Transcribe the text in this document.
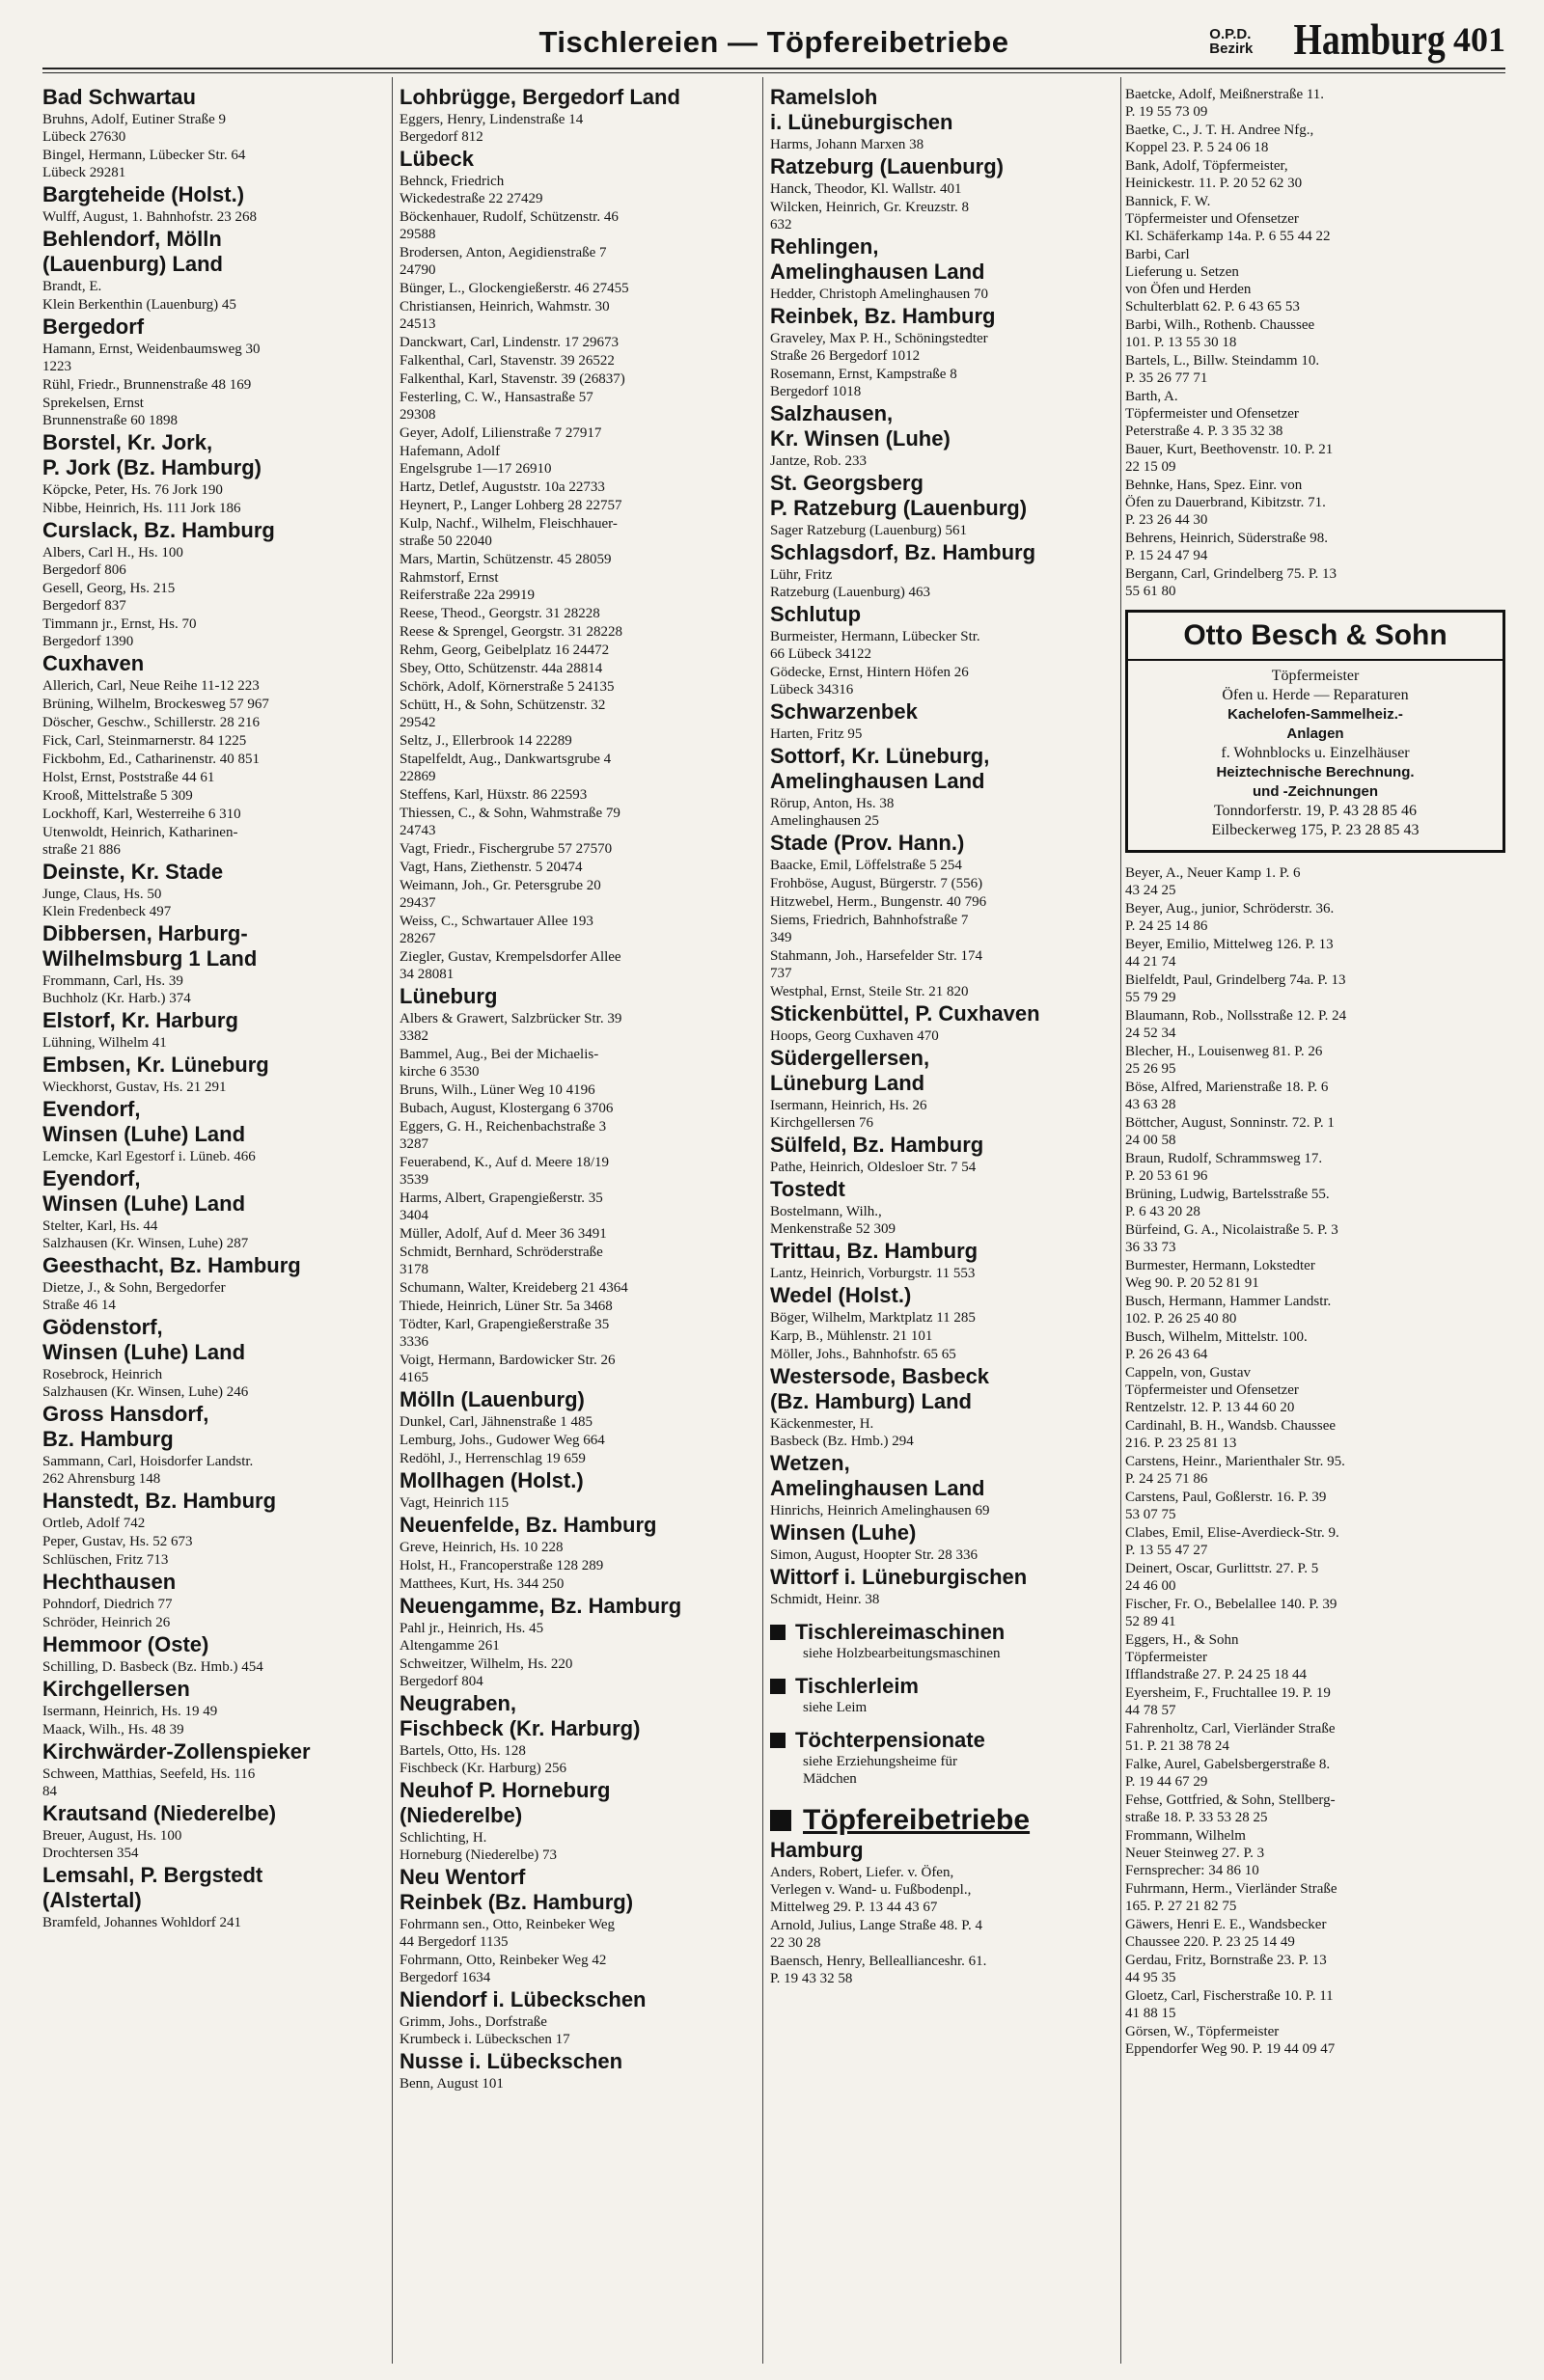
Tischlereien — Töpfereibetriebe	O.P.D.
Bezirk Hamburg 401
Bad Schwartau
Bruhns, Adolf, Eutiner Straße 9
Lübeck 27630
Bingel, Hermann, Lübecker Str. 64
Lübeck 29281
Bargteheide (Holst.)
Wulff, August, 1. Bahnhofstr. 23 268
Behlendorf, Mölln
(Lauenburg) Land
Brandt, E.
Klein Berkenthin (Lauenburg) 45
Bergedorf
Hamann, Ernst, Weidenbaumsweg 30
1223
Rühl, Friedr., Brunnenstraße 48 169
Sprekelsen, Ernst
Brunnenstraße 60 1898
Borstel, Kr. Jork,
P. Jork (Bz. Hamburg)
Köpcke, Peter, Hs. 76 Jork 190
Nibbe, Heinrich, Hs. 111 Jork 186
Curslack, Bz. Hamburg
Albers, Carl H., Hs. 100
Bergedorf 806
Gesell, Georg, Hs. 215
Bergedorf 837
Timmann jr., Ernst, Hs. 70
Bergedorf 1390
Cuxhaven
Allerich, Carl, Neue Reihe 11-12 223
Brüning, Wilhelm, Brockesweg 57 967
Döscher, Geschw., Schillerstr. 28 216
Fick, Carl, Steinmarnerstr. 84 1225
Fickbohm, Ed., Catharinenstr. 40 851
Holst, Ernst, Poststraße 44 61
Krooß, Mittelstraße 5 309
Lockhoff, Karl, Westerreihe 6 310
Utenwoldt, Heinrich, Katharinen-
straße 21 886
Deinste, Kr. Stade
Junge, Claus, Hs. 50
Klein Fredenbeck 497
Dibbersen, Harburg-
Wilhelmsburg 1 Land
Frommann, Carl, Hs. 39
Buchholz (Kr. Harb.) 374
Elstorf, Kr. Harburg
Lühning, Wilhelm 41
Embsen, Kr. Lüneburg
Wieckhorst, Gustav, Hs. 21 291
Evendorf,
Winsen (Luhe) Land
Lemcke, Karl Egestorf i. Lüneb. 466
Eyendorf,
Winsen (Luhe) Land
Stelter, Karl, Hs. 44
Salzhausen (Kr. Winsen, Luhe) 287
Geesthacht, Bz. Hamburg
Dietze, J., & Sohn, Bergedorfer
Straße 46 14
Gödenstorf,
Winsen (Luhe) Land
Rosebrock, Heinrich
Salzhausen (Kr. Winsen, Luhe) 246
Gross Hansdorf,
Bz. Hamburg
Sammann, Carl, Hoisdorfer Landstr.
262 Ahrensburg 148
Hanstedt, Bz. Hamburg
Ortleb, Adolf 742
Peper, Gustav, Hs. 52 673
Schlüschen, Fritz 713
Hechthausen
Pohndorf, Diedrich 77
Schröder, Heinrich 26
Hemmoor (Oste)
Schilling, D. Basbeck (Bz. Hmb.) 454
Kirchgellersen
Isermann, Heinrich, Hs. 19 49
Maack, Wilh., Hs. 48 39
Kirchwärder-Zollenspieker
Schween, Matthias, Seefeld, Hs. 116
84
Krautsand (Niederelbe)
Breuer, August, Hs. 100
Drochtersen 354
Lemsahl, P. Bergstedt
(Alstertal)
Bramfeld, Johannes Wohldorf 241
Lohbrügge, Bergedorf Land
Eggers, Henry, Lindenstraße 14
Bergedorf 812
Lübeck
Behnck, Friedrich
Wickedestraße 22 27429
Böckenhauer, Rudolf, Schützenstr. 46
29588
Brodersen, Anton, Aegidienstraße 7
24790
Bünger, L., Glockengießerstr. 46 27455
Christiansen, Heinrich, Wahmstr. 30
24513
Danckwart, Carl, Lindenstr. 17 29673
Falkenthal, Carl, Stavenstr. 39 26522
Falkenthal, Karl, Stavenstr. 39 (26837)
Festerling, C. W., Hansastraße 57
29308
Geyer, Adolf, Lilienstraße 7 27917
Hafemann, Adolf
Engelsgrube 1—17 26910
Hartz, Detlef, Auguststr. 10a 22733
Heynert, P., Langer Lohberg 28 22757
Kulp, Nachf., Wilhelm, Fleischhauer-
straße 50 22040
Mars, Martin, Schützenstr. 45 28059
Rahmstorf, Ernst
Reiferstraße 22a 29919
Reese, Theod., Georgstr. 31 28228
Reese & Sprengel, Georgstr. 31 28228
Rehm, Georg, Geibelplatz 16 24472
Sbey, Otto, Schützenstr. 44a 28814
Schörk, Adolf, Körnerstraße 5 24135
Schütt, H., & Sohn, Schützenstr. 32
29542
Seltz, J., Ellerbrook 14 22289
Stapelfeldt, Aug., Dankwartsgrube 4
22869
Steffens, Karl, Hüxstr. 86 22593
Thiessen, C., & Sohn, Wahmstraße 79
24743
Vagt, Friedr., Fischergrube 57 27570
Vagt, Hans, Ziethenstr. 5 20474
Weimann, Joh., Gr. Petersgrube 20
29437
Weiss, C., Schwartauer Allee 193
28267
Ziegler, Gustav, Krempelsdorfer Allee
34 28081
Lüneburg
Albers & Grawert, Salzbrücker Str. 39
3382
Bammel, Aug., Bei der Michaelis-
kirche 6 3530
Bruns, Wilh., Lüner Weg 10 4196
Bubach, August, Klostergang 6 3706
Eggers, G. H., Reichenbachstraße 3
3287
Feuerabend, K., Auf d. Meere 18/19
3539
Harms, Albert, Grapengießerstr. 35
3404
Müller, Adolf, Auf d. Meer 36 3491
Schmidt, Bernhard, Schröderstraße
3178
Schumann, Walter, Kreideberg 21 4364
Thiede, Heinrich, Lüner Str. 5a 3468
Tödter, Karl, Grapengießerstraße 35
3336
Voigt, Hermann, Bardowicker Str. 26
4165
Mölln (Lauenburg)
Dunkel, Carl, Jähnenstraße 1 485
Lemburg, Johs., Gudower Weg 664
Redöhl, J., Herrenschlag 19 659
Mollhagen (Holst.)
Vagt, Heinrich 115
Neuenfelde, Bz. Hamburg
Greve, Heinrich, Hs. 10 228
Holst, H., Francoperstraße 128 289
Matthees, Kurt, Hs. 344 250
Neuengamme, Bz. Hamburg
Pahl jr., Heinrich, Hs. 45
Altengamme 261
Schweitzer, Wilhelm, Hs. 220
Bergedorf 804
Neugraben,
Fischbeck (Kr. Harburg)
Bartels, Otto, Hs. 128
Fischbeck (Kr. Harburg) 256
Neuhof P. Horneburg
(Niederelbe)
Schlichting, H.
Horneburg (Niederelbe) 73
Neu Wentorf
Reinbek (Bz. Hamburg)
Fohrmann sen., Otto, Reinbeker Weg
44 Bergedorf 1135
Fohrmann, Otto, Reinbeker Weg 42
Bergedorf 1634
Niendorf i. Lübeckschen
Grimm, Johs., Dorfstraße
Krumbeck i. Lübeckschen 17
Nusse i. Lübeckschen
Benn, August 101
Ramelsloh
i. Lüneburgischen
Harms, Johann Marxen 38
Ratzeburg (Lauenburg)
Hanck, Theodor, Kl. Wallstr. 401
Wilcken, Heinrich, Gr. Kreuzstr. 8
632
Rehlingen,
Amelinghausen Land
Hedder, Christoph Amelinghausen 70
Reinbek, Bz. Hamburg
Graveley, Max P. H., Schöningstedter
Straße 26 Bergedorf 1012
Rosemann, Ernst, Kampstraße 8
Bergedorf 1018
Salzhausen,
Kr. Winsen (Luhe)
Jantze, Rob. 233
St. Georgsberg
P. Ratzeburg (Lauenburg)
Sager Ratzeburg (Lauenburg) 561
Schlagsdorf, Bz. Hamburg
Lühr, Fritz
Ratzeburg (Lauenburg) 463
Schlutup
Burmeister, Hermann, Lübecker Str.
66 Lübeck 34122
Gödecke, Ernst, Hintern Höfen 26
Lübeck 34316
Schwarzenbek
Harten, Fritz 95
Sottorf, Kr. Lüneburg,
Amelinghausen Land
Rörup, Anton, Hs. 38
Amelinghausen 25
Stade (Prov. Hann.)
Baacke, Emil, Löffelstraße 5 254
Frohböse, August, Bürgerstr. 7 (556)
Hitzwebel, Herm., Bungenstr. 40 796
Siems, Friedrich, Bahnhofstraße 7
349
Stahmann, Joh., Harsefelder Str. 174
737
Westphal, Ernst, Steile Str. 21 820
Stickenbüttel, P. Cuxhaven
Hoops, Georg Cuxhaven 470
Südergellersen,
Lüneburg Land
Isermann, Heinrich, Hs. 26
Kirchgellersen 76
Sülfeld, Bz. Hamburg
Pathe, Heinrich, Oldesloer Str. 7 54
Tostedt
Bostelmann, Wilh.,
Menkenstraße 52 309
Trittau, Bz. Hamburg
Lantz, Heinrich, Vorburgstr. 11 553
Wedel (Holst.)
Böger, Wilhelm, Marktplatz 11 285
Karp, B., Mühlenstr. 21 101
Möller, Johs., Bahnhofstr. 65 65
Westersode, Basbeck
(Bz. Hamburg) Land
Käckenmester, H.
Basbeck (Bz. Hmb.) 294
Wetzen,
Amelinghausen Land
Hinrichs, Heinrich Amelinghausen 69
Winsen (Luhe)
Simon, August, Hoopter Str. 28 336
Wittorf i. Lüneburgischen
Schmidt, Heinr. 38
Tischlereimaschinen
siehe Holzbearbeitungsmaschinen
Tischlerleim
siehe Leim
Töchterpensionate
siehe Erziehungsheime für
Mädchen
Töpfereibetriebe
Hamburg
Anders, Robert, Liefer. v. Öfen,
Verlegen v. Wand- u. Fußbodenpl.,
Mittelweg 29. P. 13 44 43 67
Arnold, Julius, Lange Straße 48. P. 4
22 30 28
Baensch, Henry, Belleallianceshr. 61.
P. 19 43 32 58
Baetcke, Adolf, Meißnerstraße 11.
P. 19 55 73 09
Baetke, C., J. T. H. Andree Nfg.,
Koppel 23. P. 5 24 06 18
Bank, Adolf, Töpfermeister,
Heinickestr. 11. P. 20 52 62 30
Bannick, F. W.
Töpfermeister und Ofensetzer
Kl. Schäferkamp 14a. P. 6 55 44 22
Barbi, Carl
Lieferung u. Setzen
von Öfen und Herden
Schulterblatt 62. P. 6 43 65 53
Barbi, Wilh., Rothenb. Chaussee
101. P. 13 55 30 18
Bartels, L., Billw. Steindamm 10.
P. 35 26 77 71
Barth, A.
Töpfermeister und Ofensetzer
Peterstraße 4. P. 3 35 32 38
Bauer, Kurt, Beethovenstr. 10. P. 21
22 15 09
Behnke, Hans, Spez. Einr. von
Öfen zu Dauerbrand, Kibitzstr. 71.
P. 23 26 44 30
Behrens, Heinrich, Süderstraße 98.
P. 15 24 47 94
Bergann, Carl, Grindelberg 75. P. 13
55 61 80
Otto Besch & Sohn
Töpfermeister
Öfen u. Herde — Reparaturen
Kachelofen-Sammelheiz.-
Anlagen
f. Wohnblocks u. Einzelhäuser
Heiztechnische Berechnung.
und -Zeichnungen
Tonndorferstr. 19, P. 43 28 85 46
Eilbeckerweg 175, P. 23 28 85 43
Beyer, A., Neuer Kamp 1. P. 6
43 24 25
Beyer, Aug., junior, Schröderstr. 36.
P. 24 25 14 86
Beyer, Emilio, Mittelweg 126. P. 13
44 21 74
Bielfeldt, Paul, Grindelberg 74a. P. 13
55 79 29
Blaumann, Rob., Nollsstraße 12. P. 24
24 52 34
Blecher, H., Louisenweg 81. P. 26
25 26 95
Böse, Alfred, Marienstraße 18. P. 6
43 63 28
Böttcher, August, Sonninstr. 72. P. 1
24 00 58
Braun, Rudolf, Schrammsweg 17.
P. 20 53 61 96
Brüning, Ludwig, Bartelsstraße 55.
P. 6 43 20 28
Bürfeind, G. A., Nicolaistraße 5. P. 3
36 33 73
Burmester, Hermann, Lokstedter
Weg 90. P. 20 52 81 91
Busch, Hermann, Hammer Landstr.
102. P. 26 25 40 80
Busch, Wilhelm, Mittelstr. 100.
P. 26 26 43 64
Cappeln, von, Gustav
Töpfermeister und Ofensetzer
Rentzelstr. 12. P. 13 44 60 20
Cardinahl, B. H., Wandsb. Chaussee
216. P. 23 25 81 13
Carstens, Heinr., Marienthaler Str. 95.
P. 24 25 71 86
Carstens, Paul, Goßlerstr. 16. P. 39
53 07 75
Clabes, Emil, Elise-Averdieck-Str. 9.
P. 13 55 47 27
Deinert, Oscar, Gurlittstr. 27. P. 5
24 46 00
Fischer, Fr. O., Bebelallee 140. P. 39
52 89 41
Eggers, H., & Sohn
Töpfermeister
Ifflandstraße 27. P. 24 25 18 44
Eyersheim, F., Fruchtallee 19. P. 19
44 78 57
Fahrenholtz, Carl, Vierländer Straße
51. P. 21 38 78 24
Falke, Aurel, Gabelsbergerstraße 8.
P. 19 44 67 29
Fehse, Gottfried, & Sohn, Stellberg-
straße 18. P. 33 53 28 25
Frommann, Wilhelm
Neuer Steinweg 27. P. 3
Fernsprecher: 34 86 10
Fuhrmann, Herm., Vierländer Straße
165. P. 27 21 82 75
Gäwers, Henri E. E., Wandsbecker
Chaussee 220. P. 23 25 14 49
Gerdau, Fritz, Bornstraße 23. P. 13
44 95 35
Gloetz, Carl, Fischerstraße 10. P. 11
41 88 15
Görsen, W., Töpfermeister
Eppendorfer Weg 90. P. 19 44 09 47
